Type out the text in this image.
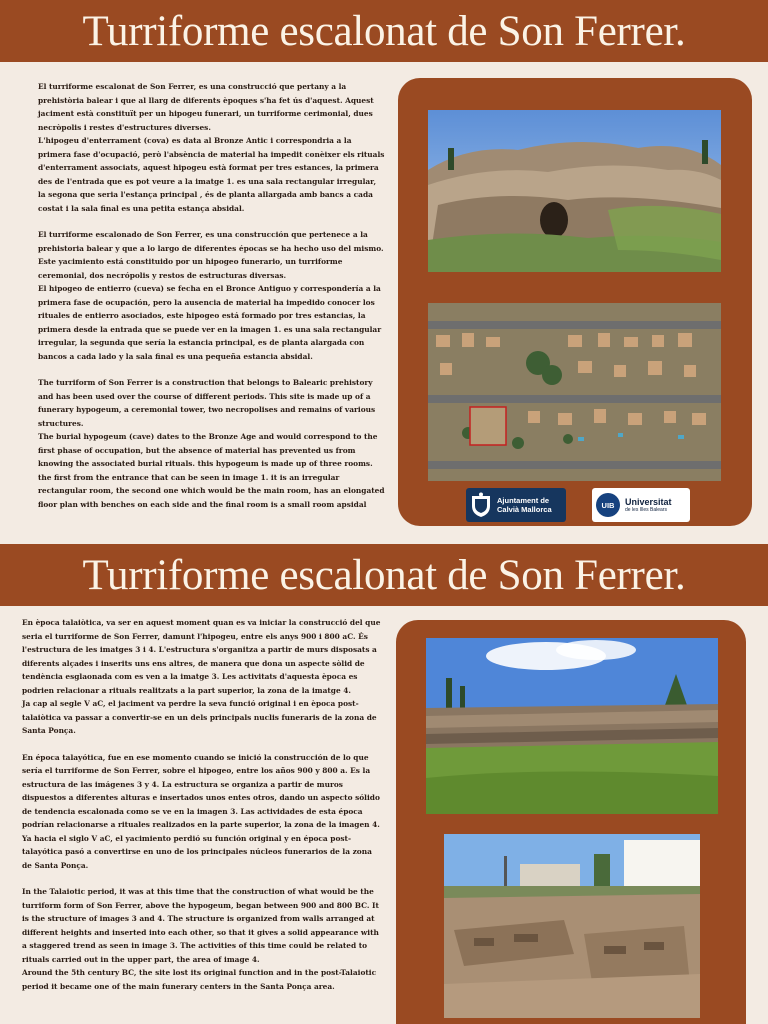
Turriforme escalonat de Son Ferrer.

El turriforme escalonat de Son Ferrer, es una construcció que pertany a la prehistòria balear i que al llarg de diferents èpoques s'ha fet ús d'aquest. Aquest jaciment està constituït per un hipogeu funerari, un turriforme cerimonial, dues necròpolis i restes d'estructures diverses.
L'hipogeu d'enterrament (cova) es data al Bronze Antic i correspondria a la primera fase d'ocupació, però l'absència de material ha impedit conèixer els rituals d'enterrament associats, aquest hipogeu està format per tres estances, la primera des de l'entrada que es pot veure a la imatge 1. es una sala rectangular irregular, la segona que seria l'estança principal , és de planta allargada amb bancs a cada costat i la sala final es una petita estança absidal.

El turriforme escalonado de Son Ferrer, es una construcción que pertenece a la prehistoria balear y que a lo largo de diferentes épocas se ha hecho uso del mismo. Este yacimiento está constituido por un hipogeo funerario, un turriforme ceremonial, dos necrópolis y restos de estructuras diversas.
El hipogeo de entierro (cueva) se fecha en el Bronce Antiguo y correspondería a la primera fase de ocupación, pero la ausencia de material ha impedido conocer los rituales de entierro asociados, este hipogeo está formado por tres estancias, la primera desde la entrada que se puede ver en la imagen 1. es una sala rectangular irregular, la segunda que sería la estancia principal, es de planta alargada con bancos a cada lado y la sala final es una pequeña estancia absidal.

The turriform of Son Ferrer is a construction that belongs to Balearic prehistory and has been used over the course of different periods. This site is made up of a funerary hypogeum, a ceremonial tower, two necropolises and remains of various structures.
The burial hypogeum (cave) dates to the Bronze Age and would correspond to the first phase of occupation, but the absence of material has prevented us from knowing the associated burial rituals. this hypogeum is made up of three rooms. the first from the entrance that can be seen in image 1. it is an irregular rectangular room, the second one which would be the main room, has an elongated floor plan with benches on each side and the final room is a small room apsidal	Ajuntament de
Calvià Mallorca	UIB Universitat
de les Illes Balears
Turriforme escalonat de Son Ferrer.

En època talaiòtica, va ser en aquest moment quan es va iniciar la construcció del que seria el turriforme de Son Ferrer, damunt l'hipogeu, entre els anys 900 i 800 aC. És l'estructura de les imatges 3 i 4. L'estructura s'organitza a partir de murs disposats a diferents alçades i inserits uns ens altres, de manera que dona un aspecte sòlid de tendència esglaonada com es ven a la imatge 3. Les activitats d'aquesta època es podrien relacionar a rituals realitzats a la part superior, la zona de la imatge 4.
Ja cap al segle V aC, el jaciment va perdre la seva funció original i en època post-talaiòtica va passar a convertir-se en un dels principals nuclis funeraris de la zona de Santa Ponça.

En época talayótica, fue en ese momento cuando se inició la construcción de lo que sería el turriforme de Son Ferrer, sobre el hipogeo, entre los años 900 y 800 a. Es la estructura de las imágenes 3 y 4. La estructura se organiza a partir de muros dispuestos a diferentes alturas e insertados unos entes otros, dando un aspecto sólido de tendencia escalonada como se ve en la imagen 3. Las actividades de esta época podrían relacionarse a rituales realizados en la parte superior, la zona de la imagen 4.
Ya hacia el siglo V aC, el yacimiento perdió su función original y en época post-talayótica pasó a convertirse en uno de los principales núcleos funerarios de la zona de Santa Ponça.

In the Talaiotic period, it was at this time that the construction of what would be the turriform form of Son Ferrer, above the hypogeum, began between 900 and 800 BC. It is the structure of images 3 and 4. The structure is organized from walls arranged at different heights and inserted into each other, so that it gives a solid appearance with a staggered trend as seen in image 3. The activities of this time could be related to rituals carried out in the upper part, the area of image 4.
Around the 5th century BC, the site lost its original function and in the post-Talaiotic period it became one of the main funerary centers in the Santa Ponça area.
